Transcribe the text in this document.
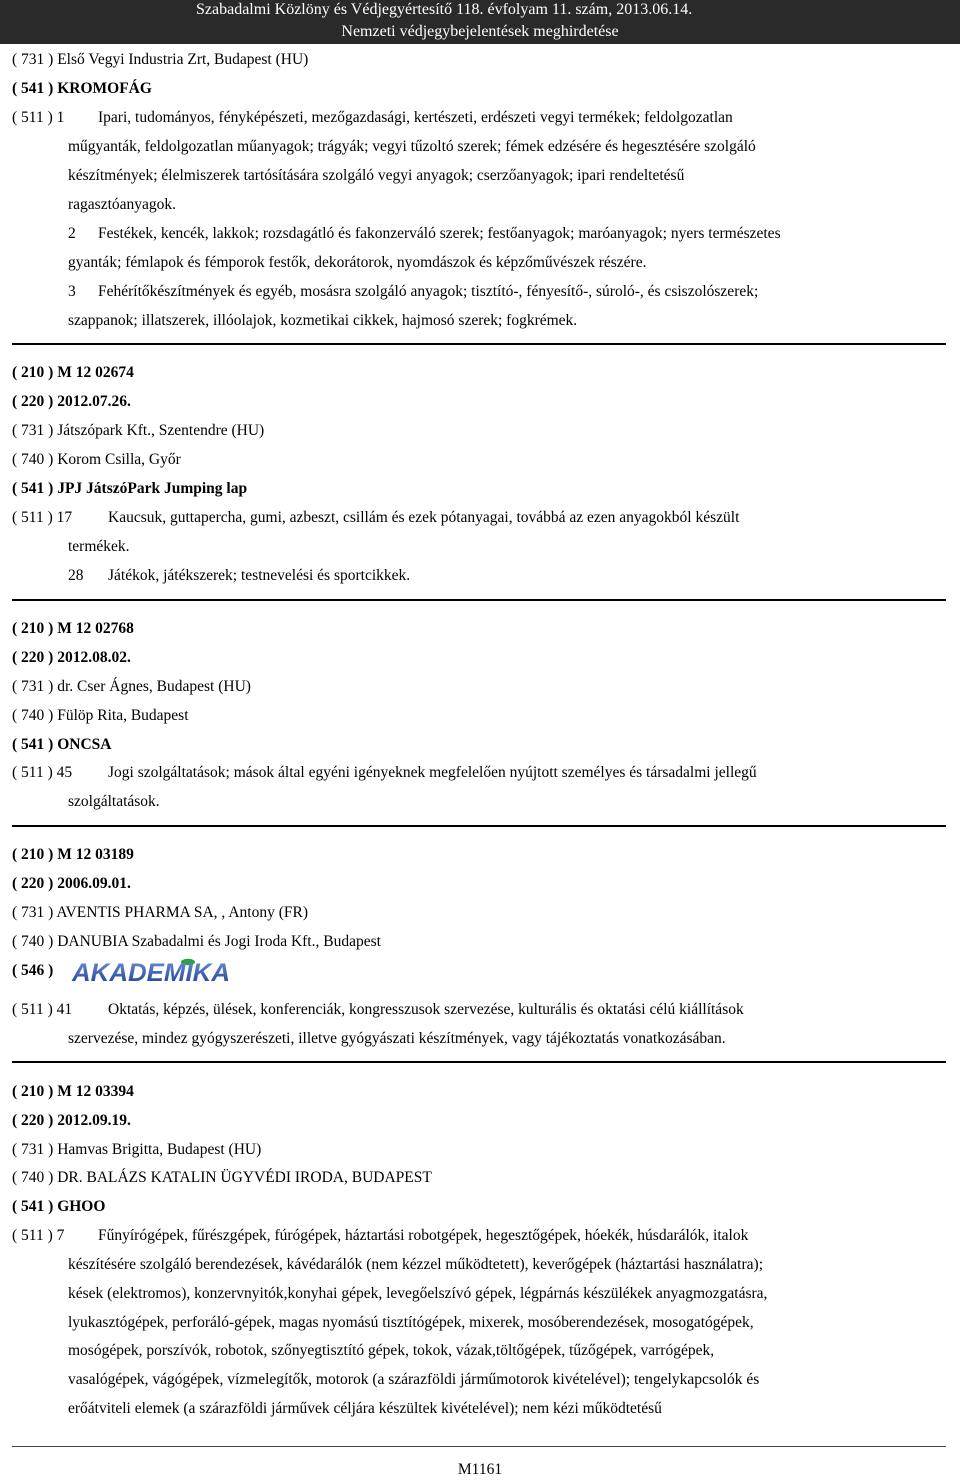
Szabadalmi Közlöny és Védjegyértesítő 118. évfolyam 11. szám, 2013.06.14.
Nemzeti védjegybejelentések meghirdetése
( 731 ) Első Vegyi Industria Zrt, Budapest (HU)
( 541 ) KROMOFÁG
( 511 ) 1 Ipari, tudományos, fényképészeti, mezőgazdasági, kertészeti, erdészeti vegyi termékek; feldolgozatlan
műgyanták, feldolgozatlan műanyagok; trágyák; vegyi tűzoltó szerek; fémek edzésére és hegesztésére szolgáló
készítmények; élelmiszerek tartósítására szolgáló vegyi anyagok; cserzőanyagok; ipari rendeltetésű
ragasztóanyagok.
2 Festékek, kencék, lakkok; rozsdagátló és fakonzerváló szerek; festőanyagok; maróanyagok; nyers természetes
gyanták; fémlapok és fémporok festők, dekorátorok, nyomdászok és képzőművészek részére.
3 Fehérítőkészítmények és egyéb, mosásra szolgáló anyagok; tisztító-, fényesítő-, súroló-, és csiszolószerek;
szappanok; illatszerek, illóolajok, kozmetikai cikkek, hajmosó szerek; fogkrémek.
( 210 ) M 12 02674
( 220 ) 2012.07.26.
( 731 ) Játszópark Kft., Szentendre (HU)
( 740 ) Korom Csilla, Győr
( 541 ) JPJ JátszóPark Jumping lap
( 511 ) 17 Kaucsuk, guttapercha, gumi, azbeszt, csillám és ezek pótanyagai, továbbá az ezen anyagokból készült
termékek.
28 Játékok, játékszerek; testnevelési és sportcikkek.
( 210 ) M 12 02768
( 220 ) 2012.08.02.
( 731 ) dr. Cser Ágnes, Budapest (HU)
( 740 ) Fülöp Rita, Budapest
( 541 ) ONCSA
( 511 ) 45 Jogi szolgáltatások; mások által egyéni igényeknek megfelelően nyújtott személyes és társadalmi jellegű
szolgáltatások.
( 210 ) M 12 03189
( 220 ) 2006.09.01.
( 731 ) AVENTIS PHARMA SA, , Antony (FR)
( 740 ) DANUBIA Szabadalmi és Jogi Iroda Kft., Budapest
( 546 ) AKADEMIKA
( 511 ) 41 Oktatás, képzés, ülések, konferenciák, kongresszusok szervezése, kulturális és oktatási célú kiállítások
szervezése, mindez gyógyszerészeti, illetve gyógyászati készítmények, vagy tájékoztatás vonatkozásában.
( 210 ) M 12 03394
( 220 ) 2012.09.19.
( 731 ) Hamvas Brigitta, Budapest (HU)
( 740 ) DR. BALÁZS KATALIN ÜGYVÉDI IRODA, BUDAPEST
( 541 ) GHOO
( 511 ) 7 Fűnyírógépek, fűrészgépek, fúrógépek, háztartási robotgépek, hegesztőgépek, hóekék, húsdarálók, italok
készítésére szolgáló berendezések, kávédarálók (nem kézzel működtetett), keverőgépek (háztartási használatra);
kések (elektromos), konzervnyitók,konyhai gépek, levegőelszívó gépek, légpárnás készülékek anyagmozgatásra,
lyukasztógépek, perforáló-gépek, magas nyomású tisztítógépek, mixerek, mosóberendezések, mosogatógépek,
mosógépek, porszívók, robotok, szőnyegtisztító gépek, tokok, vázak,töltőgépek, tűzőgépek, varrógépek,
vasalógépek, vágógépek, vízmelegítők, motorok (a szárazföldi járműmotorok kivételével); tengelykapcsolók és
erőátviteli elemek (a szárazföldi járművek céljára készültek kivételével); nem kézi működtetésű
M1161
